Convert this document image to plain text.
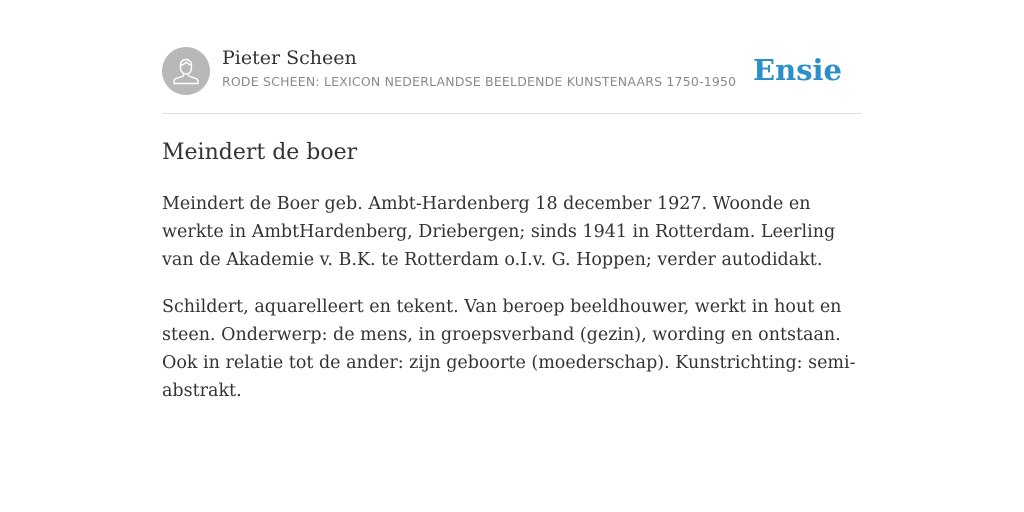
Pieter Scheen
RODE SCHEEN: LEXICON NEDERLANDSE BEELDENDE KUNSTENAARS 1750-1950 Ensie
Meindert de boer

Meindert de Boer geb. Ambt-Hardenberg 18 december 1927. Woonde en werkte in AmbtHardenberg, Driebergen; sinds 1941 in Rotterdam. Leerling van de Akademie v. B.K. te Rotterdam o.I.v. G. Hoppen; verder autodidakt.

Schildert, aquarelleert en tekent. Van beroep beeldhouwer, werkt in hout en steen. Onderwerp: de mens, in groepsverband (gezin), wording en ontstaan. Ook in relatie tot de ander: zijn geboorte (moederschap). Kunstrichting: semi-abstrakt.
